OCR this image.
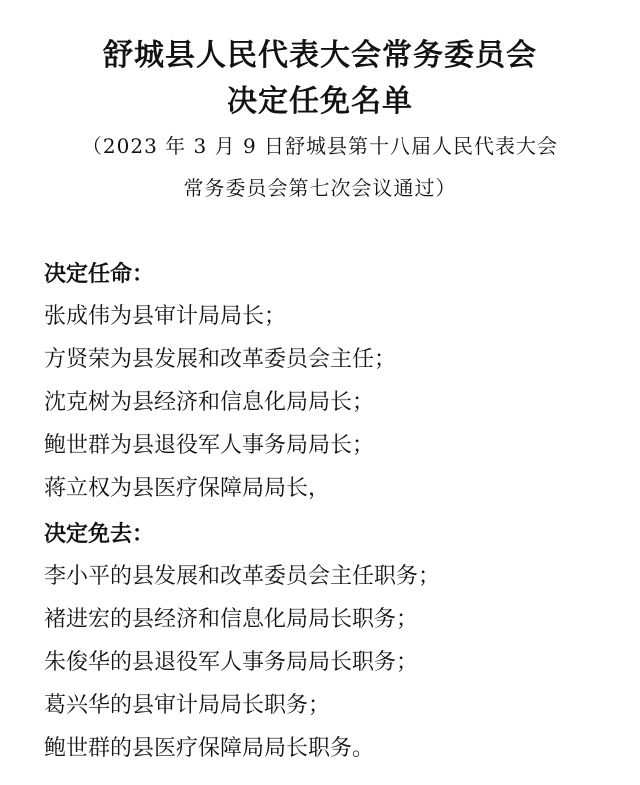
舒城县人民代表大会常务委员会
决定任免名单

（2023 年 3 月 9 日舒城县第十八届人民代表大会

常务委员会第七次会议通过）

决定任命：
张成伟为县审计局局长；
方贤荣为县发展和改革委员会主任；
沈克树为县经济和信息化局局长；
鲍世群为县退役军人事务局局长；
蒋立权为县医疗保障局局长，
决定免去：
李小平的县发展和改革委员会主任职务；
褚进宏的县经济和信息化局局长职务；
朱俊华的县退役军人事务局局长职务；
葛兴华的县审计局局长职务；
鲍世群的县医疗保障局局长职务。
